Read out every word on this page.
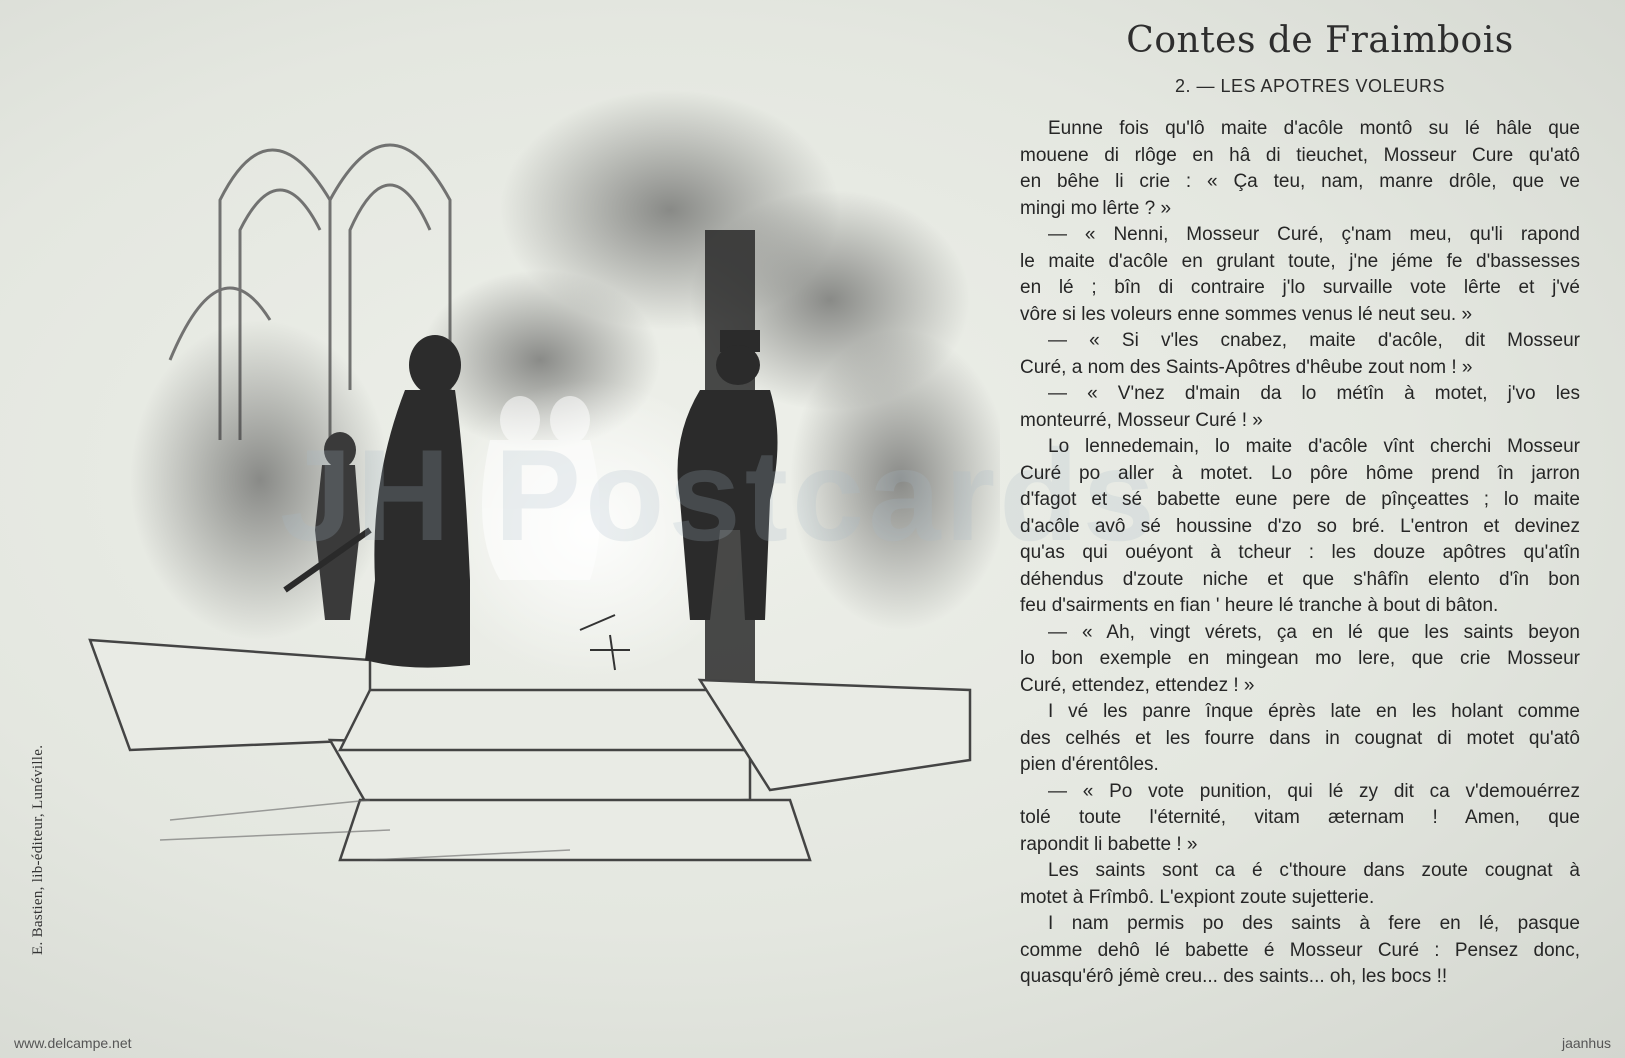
JH Postcards
E. Bastien, lib-éditeur, Lunéville.
Contes de Fraimbois
2. — LES APOTRES VOLEURS
Eunne fois qu'lô maite d'acôle montô su lé hâle que
mouene di rlôge en hâ di tieuchet, Mosseur Cure qu'atô
en bêhe li crie : « Ça teu, nam, manre drôle, que ve
mingi mo lêrte ? »
— « Nenni, Mosseur Curé, ç'nam meu, qu'li rapond
le maite d'acôle en grulant toute, j'ne jéme fe d'bassesses
en lé ; bîn di contraire j'lo survaille vote lêrte et j'vé
vôre si les voleurs enne sommes venus lé neut seu. »
— « Si v'les cnabez, maite d'acôle, dit Mosseur
Curé, a nom des Saints-Apôtres d'hêube zout nom ! »
— « V'nez d'main da lo métîn à motet, j'vo les
monteurré, Mosseur Curé ! »
Lo lennedemain, lo maite d'acôle vînt cherchi Mosseur
Curé po aller à motet. Lo pôre hôme prend în jarron
d'fagot et sé babette eune pere de pînçeattes ; lo maite
d'acôle avô sé houssine d'zo so bré. L'entron et devinez
qu'as qui ouéyont à tcheur : les douze apôtres qu'atîn
déhendus d'zoute niche et que s'hâfîn elento d'în bon
feu d'sairments en fian ' heure lé tranche à bout di bâton.
— « Ah, vingt vérets, ça en lé que les saints beyon
lo bon exemple en mingean mo lere, que crie Mosseur
Curé, ettendez, ettendez ! »
I vé les panre înque éprès late en les holant comme
des celhés et les fourre dans in cougnat di motet qu'atô
pien d'érentôles.
— « Po vote punition, qui lé zy dit ca v'demouérrez
tolé toute l'éternité, vitam æternam ! Amen, que
rapondit li babette ! »
Les saints sont ca é c'thoure dans zoute cougnat à
motet à Frîmbô. L'expiont zoute sujetterie.
I nam permis po des saints à fere en lé, pasque
comme dehô lé babette é Mosseur Curé : Pensez donc,
quasqu'érô jémè creu... des saints... oh, les bocs !!
www.delcampe.net	jaanhus
